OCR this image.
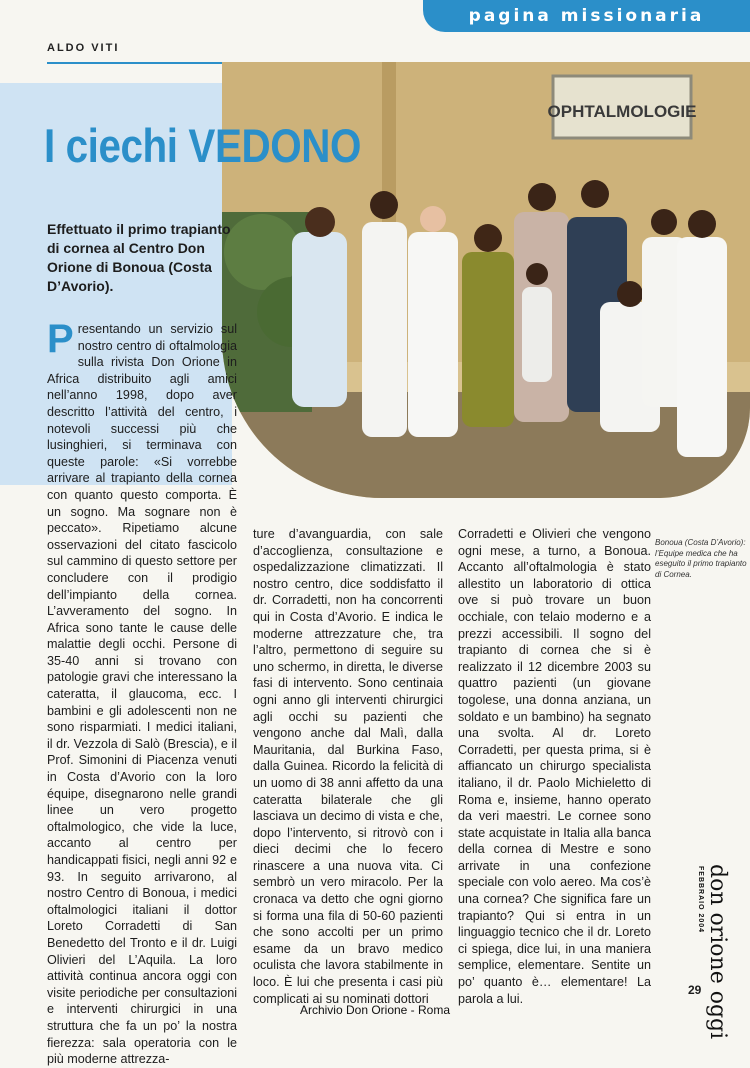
pagina missionaria
ALDO VITI
OPHTALMOLOGIE
I ciechi VEDONO
Effettuato il primo trapianto di cornea al Centro Don Orione di Bonoua (Costa D’Avorio).
P resentando un servizio sul nostro centro di oftalmologia sulla rivista Don Orione in Africa distribuito agli amici nell’anno 1998, dopo aver descritto l’attività del centro, i notevoli successi più che lusinghieri, si terminava con queste parole: «Si vorrebbe arrivare al trapianto della cornea con quanto questo comporta. È un sogno. Ma sognare non è peccato». Ripetiamo alcune osservazioni del citato fascicolo sul cammino di questo settore per concludere con il prodigio dell’impianto della cornea. L’avveramento del sogno. In Africa sono tante le cause delle malattie degli occhi. Persone di 35-40 anni si trovano con patologie gravi che interessano la cateratta, il glaucoma, ecc. I bambini e gli adolescenti non ne sono risparmiati. I medici italiani, il dr. Vezzola di Salò (Brescia), e il Prof. Simonini di Piacenza venuti in Costa d’Avorio con la loro équipe, disegnarono nelle grandi linee un vero progetto oftalmologico, che vide la luce, accanto al centro per handicappati fisici, negli anni 92 e 93. In seguito arrivarono, al nostro Centro di Bonoua, i medici oftalmologici italiani il dottor Loreto Corradetti di San Benedetto del Tronto e il dr. Luigi Olivieri del L’Aquila. La loro attività continua ancora oggi con visite periodiche per consultazioni e interventi chirurgici in una struttura che fa un po’ la nostra fierezza: sala operatoria con le più moderne attrezza-

ture d’avanguardia, con sale d’accoglienza, consultazione e ospedalizzazione climatizzati. Il nostro centro, dice soddisfatto il dr. Corradetti, non ha concorrenti qui in Costa d’Avorio. E indica le moderne attrezzature che, tra l’altro, permettono di seguire su uno schermo, in diretta, le diverse fasi di intervento. Sono centinaia ogni anno gli interventi chirurgici agli occhi su pazienti che vengono anche dal Malì, dalla Mauritania, dal Burkina Faso, dalla Guinea. Ricordo la felicità di un uomo di 38 anni affetto da una cateratta bilaterale che gli lasciava un decimo di vista e che, dopo l’intervento, si ritrovò con i dieci decimi che lo fecero rinascere a una nuova vita. Ci sembrò un vero miracolo. Per la cronaca va detto che ogni giorno si forma una fila di 50-60 pazienti che sono accolti per un primo esame da un bravo medico oculista che lavora stabilmente in loco. È lui che presenta i casi più complicati ai su nominati dottori

Corradetti e Olivieri che vengono ogni mese, a turno, a Bonoua. Accanto all’oftalmologia è stato allestito un laboratorio di ottica ove si può trovare un buon occhiale, con telaio moderno e a prezzi accessibili. Il sogno del trapianto di cornea che si è realizzato il 12 dicembre 2003 su quattro pazienti (un giovane togolese, una donna anziana, un soldato e un bambino) ha segnato una svolta. Al dr. Loreto Corradetti, per questa prima, si è affiancato un chirurgo specialista italiano, il dr. Paolo Michieletto di Roma e, insieme, hanno operato da veri maestri. Le cornee sono state acquistate in Italia alla banca della cornea di Mestre e sono arrivate in una confezione speciale con volo aereo. Ma cos’è una cornea? Che significa fare un trapianto? Qui si entra in un linguaggio tecnico che il dr. Loreto ci spiega, dice lui, in una maniera semplice, elementare. Sentite un po’ quanto è… elementare! La parola a lui.

Bonoua (Costa D’Avorio): l’Equipe medica che ha eseguito il primo trapianto di Cornea.
don orione oggi
FEBBRAIO 2004
29
Archivio Don Orione - Roma
